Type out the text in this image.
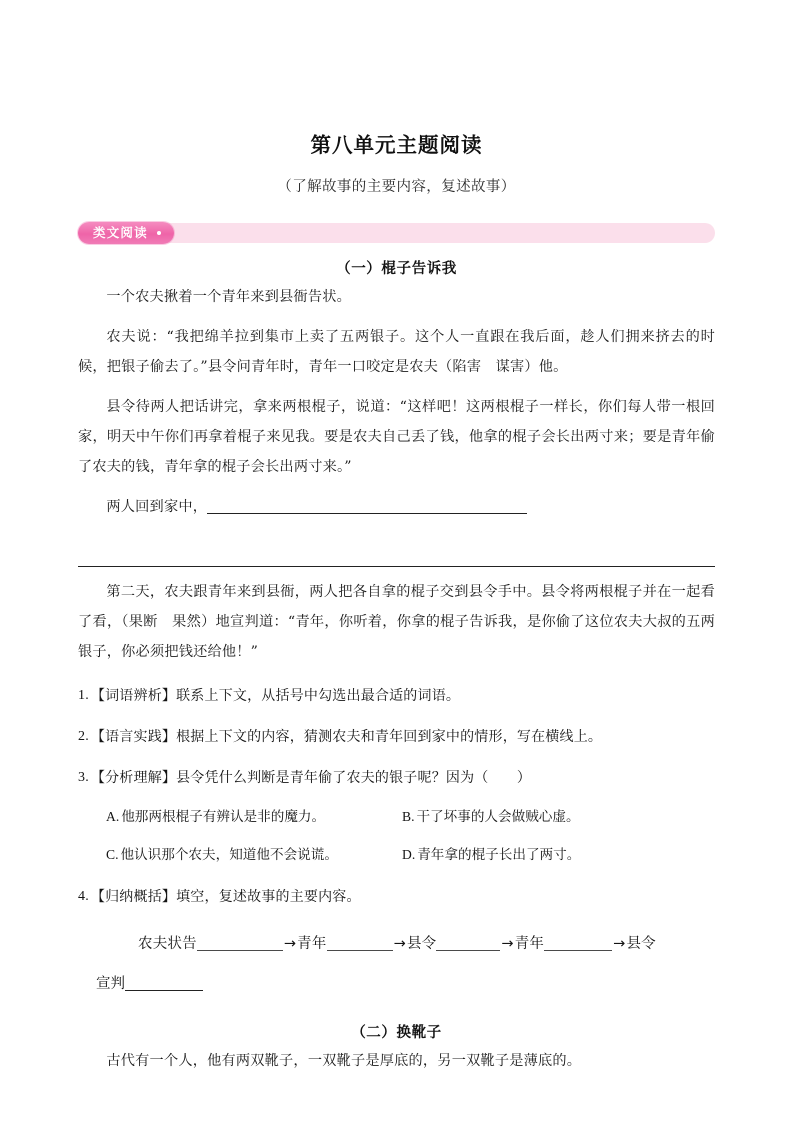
第八单元主题阅读
（了解故事的主要内容，复述故事）
类文阅读
（一）棍子告诉我

一个农夫揪着一个青年来到县衙告状。

农夫说：“我把绵羊拉到集市上卖了五两银子。这个人一直跟在我后面，趁人们拥来挤去的时候，把银子偷去了。”县令问青年时，青年一口咬定是农夫（陷害　谋害）他。

县令待两人把话讲完，拿来两根棍子，说道：“这样吧！这两根棍子一样长，你们每人带一根回家，明天中午你们再拿着棍子来见我。要是农夫自己丢了钱，他拿的棍子会长出两寸来；要是青年偷了农夫的钱，青年拿的棍子会长出两寸来。”

两人回到家中，

第二天，农夫跟青年来到县衙，两人把各自拿的棍子交到县令手中。县令将两根棍子并在一起看了看，（果断　果然）地宣判道：“青年，你听着，你拿的棍子告诉我，是你偷了这位农夫大叔的五两银子，你必须把钱还给他！”

1. 【词语辨析】联系上下文，从括号中勾选出最合适的词语。
2. 【语言实践】根据上下文的内容，猜测农夫和青年回到家中的情形，写在横线上。
3. 【分析理解】县令凭什么判断是青年偷了农夫的银子呢？因为（　　）
A. 他那两根棍子有辨认是非的魔力。	B. 干了坏事的人会做贼心虚。
C. 他认识那个农夫，知道他不会说谎。	D. 青年拿的棍子长出了两寸。
4. 【归纳概括】填空，复述故事的主要内容。
农夫状告	→青年	→县令	→青年	→县令
宣判
（二）换靴子

古代有一个人，他有两双靴子，一双靴子是厚底的，另一双靴子是薄底的。
